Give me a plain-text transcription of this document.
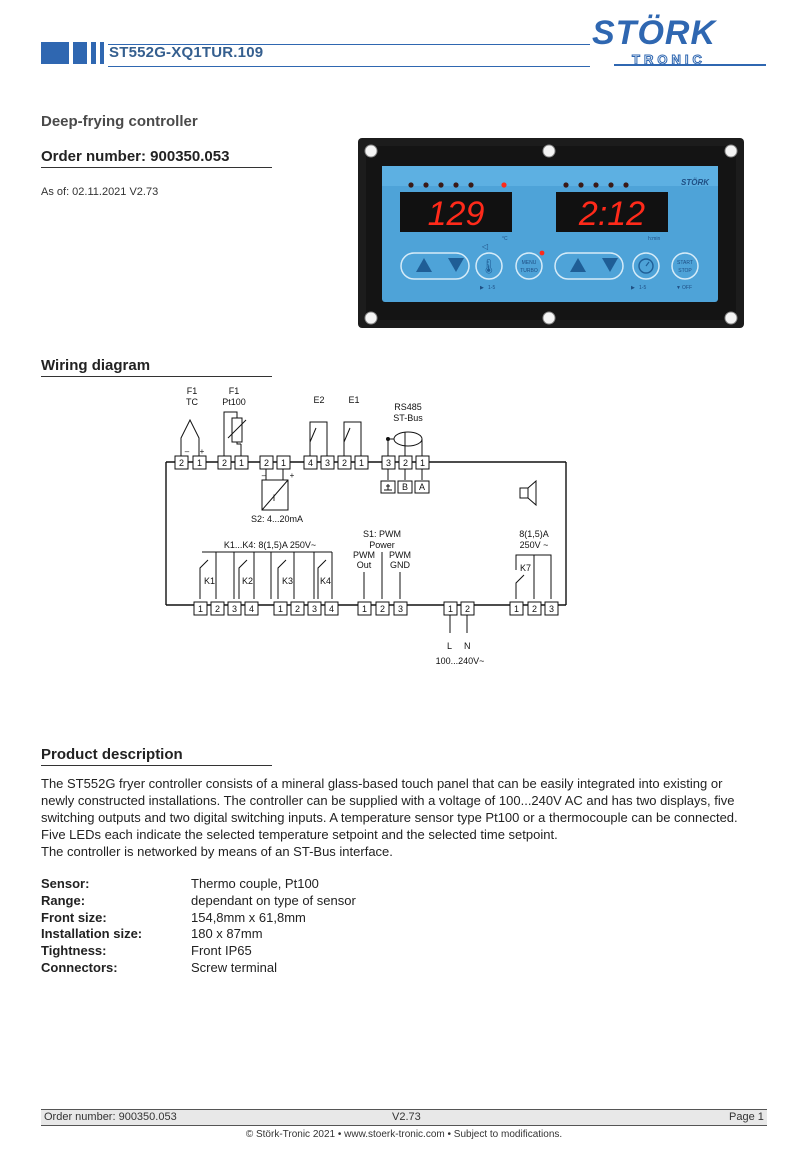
ST552G-XQ1TUR.109
STÖRK
TRONIC
Deep-frying controller
Order number: 900350.053
As of: 02.11.2021 V2.73
STÖRK
129
°C
2:12
h:min
◁
🌡	MENU
TURBO
START
STOP
▶ 1-5	▶ 1-5	▼ OFF
Wiring diagram
2 1 2 1 2 1 4 3 2 1 3 2 1
F1
TC
F1
Pt100	E2	E1
RS485
ST-Bus
– +
I
–	+
S2: 4...20mA
B A
K1...K4: 8(1,5)A 250V~
S1: PWM
Power
PWM
Out
PWM
GND
8(1,5)A
250V ~
K1	K2	K3	K4
K7
L N
100...240V~
1 2 3 4	1 2 3 4	1 2 3	1 2	1 2 3
Product description
The ST552G fryer controller consists of a mineral glass-based touch panel that can be easily integrated into existing or
newly constructed installations. The controller can be supplied with a voltage of 100...240V AC and has two displays, five
switching outputs and two digital switching inputs. A temperature sensor type Pt100 or a thermocouple can be connected.
Five LEDs each indicate the selected temperature setpoint and the selected time setpoint.
The controller is networked by means of an ST-Bus interface.
Sensor:	Thermo couple, Pt100
Range:	dependant on type of sensor
Front size:	154,8mm x 61,8mm
Installation size:	180 x 87mm
Tightness:	Front IP65
Connectors:	Screw terminal
Order number: 900350.053	V2.73	Page 1
© Störk-Tronic 2021 • www.stoerk-tronic.com • Subject to modifications.
